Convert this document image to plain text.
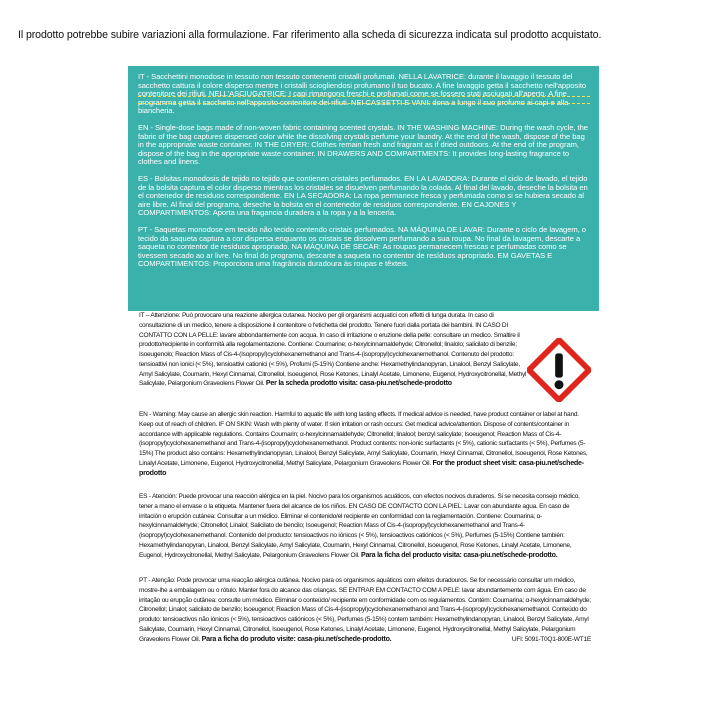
Il prodotto potrebbe subire variazioni alla formulazione. Far riferimento alla scheda di sicurezza indicata sul prodotto acquistato.

IT - Sacchettini monodose in tessuto non tessuto contenenti cristalli profumati. NELLA LAVATRICE: durante il lavaggio il tessuto del sacchetto cattura il colore disperso mentre i cristalli sciogliendosi profumano il tuo bucato. A fine lavaggio getta il sacchetto nell'apposito contenitore dei rifiuti. NELL'ASCIUGATRICE: I capi rimangono freschi e profumati come se fossero stati asciugati all'aperto. A fine programma getta il sacchetto nell'apposito contenitore dei rifiuti. NEI CASSETTI E VANI: dona a lungo il suo profumo ai capi e alla biancheria.

EN - Single-dose bags made of non-woven fabric containing scented crystals. IN THE WASHING MACHINE: During the wash cycle, the fabric of the bag captures dispersed color while the dissolving crystals perfume your laundry. At the end of the wash, dispose of the bag in the appropriate waste container. IN THE DRYER: Clothes remain fresh and fragrant as if dried outdoors. At the end of the program, dispose of the bag in the appropriate waste container. IN DRAWERS AND COMPARTMENTS: It provides long-lasting fragrance to clothes and linens.

ES - Bolsitas monodosis de tejido no tejido que contienen cristales perfumados. EN LA LAVADORA: Durante el ciclo de lavado, el tejido de la bolsita captura el color disperso mientras los cristales se disuelven perfumando la colada. Al final del lavado, deseche la bolsita en el contenedor de residuos correspondiente. EN LA SECADORA: La ropa permanece fresca y perfumada como si se hubiera secado al aire libre. Al final del programa, deseche la bolsita en el contenedor de residuos correspondiente. EN CAJONES Y COMPARTIMENTOS: Aporta una fragancia duradera a la ropa y a la lencería.

PT - Saquetas monodose em tecido não tecido contendo cristais perfumados. NA MÁQUINA DE LAVAR: Durante o ciclo de lavagem, o tecido da saqueta captura a cor dispersa enquanto os cristais se dissolvem perfumando a sua roupa. No final da lavagem, descarte a saqueta no contentor de resíduos apropriado. NA MÁQUINA DE SECAR: As roupas permanecem frescas e perfumadas como se tivessem secado ao ar livre. No final do programa, descarte a saqueta no contentor de resíduos apropriado. EM GAVETAS E COMPARTIMENTOS: Proporciona uma fragrância duradoura às roupas e têxteis.

IT – Attenzione: Può provocare una reazione allergica cutanea. Nocivo per gli organismi acquatici con effetti di lunga durata. In caso di consultazione di un medico, tenere a disposizione il contenitore o l'etichetta del prodotto. Tenere fuori dalla portata dei bambini. IN CASO DI CONTATTO CON LA PELLE: lavare abbondantemente con acqua. In caso di irritazione o eruzione della pelle: consultare un medico. Smaltire il prodotto/recipiente in conformità alla regolamentazione. Contiene: Coumarine; α-hexylcinnamaldehyde; Citronellol; linalolo; salicilato di benzile; Isoeugenolo; Reaction Mass of Cis-4-(Isopropyl)cyclohexanemethanol and Trans-4-(isopropyl)cyclohexanemethanol. Contenuto del prodotto: tensioattivi non ionici (< 5%), tensioattivi cationici (< 5%), Profumi (5-15%) Contiene anche: Hexamethylindanopyran, Linalool, Benzyl Salicylate, Amyl Salicylate, Coumarin, Hexyl Cinnamal, Citronellol, Isoeugenol, Rose Ketones, Linalyl Acetate, Limonene, Eugenol, Hydroxycitronellal, Methyl Salicylate, Pelargonium Graveolens Flower Oil. Per la scheda prodotto visita: casa-piu.net/schede-prodotto

EN - Warning: May cause an allergic skin reaction. Harmful to aquatic life with long lasting effects. If medical advice is needed, have product container or label at hand. Keep out of reach of children. IF ON SKIN: Wash with plenty of water. If skin irritation or rash occurs: Get medical advice/attention. Dispose of contents/container in accordance with applicable regulations. Contains Coumarin; α-hexylcinnamaldehyde; Citronellol; linalool; benzyl salicylate; Isoeugenol; Reaction Mass of Cis-4- (isopropyl)cyclohexanemethanol and Trans-4-(isopropyl)cyclohexanemethanol. Product contents: non-ionic surfactants (< 5%), cationic surfactants (< 5%), Perfumes (5-15%) The product also contains: Hexamethylindanopyran, Linalool, Benzyl Salicylate, Amyl Salicylate, Coumarin, Hexyl Cinnamal, Citronellol, Isoeugenol, Rose Ketones, Linalyl Acetate, Limonene, Eugenol, Hydroxycitronellal, Methyl Salicylate, Pelargonium Graveolens Flower Oil. For the product sheet visit: casa-piu.net/schede-prodotto

ES - Atención: Puede provocar una reacción alérgica en la piel. Nocivo para los organismos acuáticos, con efectos nocivos duraderos. Si se necesita consejo médico, tener a mano el envase o la etiqueta. Mantener fuera del alcance de los niños. EN CASO DE CONTACTO CON LA PIEL: Lavar con abundante agua. En caso de irritación o erupción cutánea: Consultar a un médico. Eliminar el contenido/el recipiente en conformidad con la reglamentación. Contiene: Coumarina; α-hexylcinnamaldehyde; Citronellol; Linalol; Salicilato de bencilo; Isoeugenol; Reaction Mass of Cis-4-(isopropyl)cyclohexanemethanol and Trans-4-(isopropyl)cyclohexanemethanol. Contenido del producto: tensioactivos no iónicos (< 5%), tensioactivos catiónicos (< 5%), Perfumes (5-15%) Contiene también: Hexamethylindanopyran, Linalool, Benzyl Salicylate, Amyl Salicylate, Coumarin, Hexyl Cinnamal, Citronellol, Isoeugenol, Rose Ketones, Linalyl Acetate, Limonene, Eugenol, Hydroxycitronellal, Methyl Salicylate, Pelargonium Graveolens Flower Oil. Para la ficha del producto visita: casa-piu.net/schede-prodotto.

PT - Atenção: Pode provocar uma reacção alérgica cutânea. Nocivo para os organismos aquáticos com efeitos duradouros. Se for necessário consultar um médico, mostre-lhe a embalagem ou o rótulo. Manter fora do alcance das crianças. SE ENTRAR EM CONTACTO COM A PELE: lavar abundantemente com água. Em caso de irritação ou erupção cutânea: consulte um médico. Eliminar o conteúdo/ recipiente em conformidade com os regulamentos. Contém: Coumarina; α-hexylcinnamaldehyde; Citronellol; Linalol; salicilato de benzilo; Isoeugenol; Reaction Mass of Cis-4-(isopropyl)cyclohexanemethanol and Trans-4-(isopropyl)cyclohexanemethanol. Conteúdo do produto: tensioactivos não iónicos (< 5%), tensioactivos catiónicos (< 5%), Perfumes (5-15%) contem também: Hexamethylindanopyran, Linalool, Benzyl Salicylate, Amyl Salicylate, Coumarin, Hexyl Cinnamal, Citronellol, Isoeugenol, Rose Ketones, Linalyl Acetate, Limonene, Eugenol, Hydroxycitronellal, Methyl Salicylate, Pelargonium Graveolens Flower Oil. Para a ficha do produto visite: casa-piu.net/schede-prodotto.	UFI: 5091-T0Q1-800E-WT1E
